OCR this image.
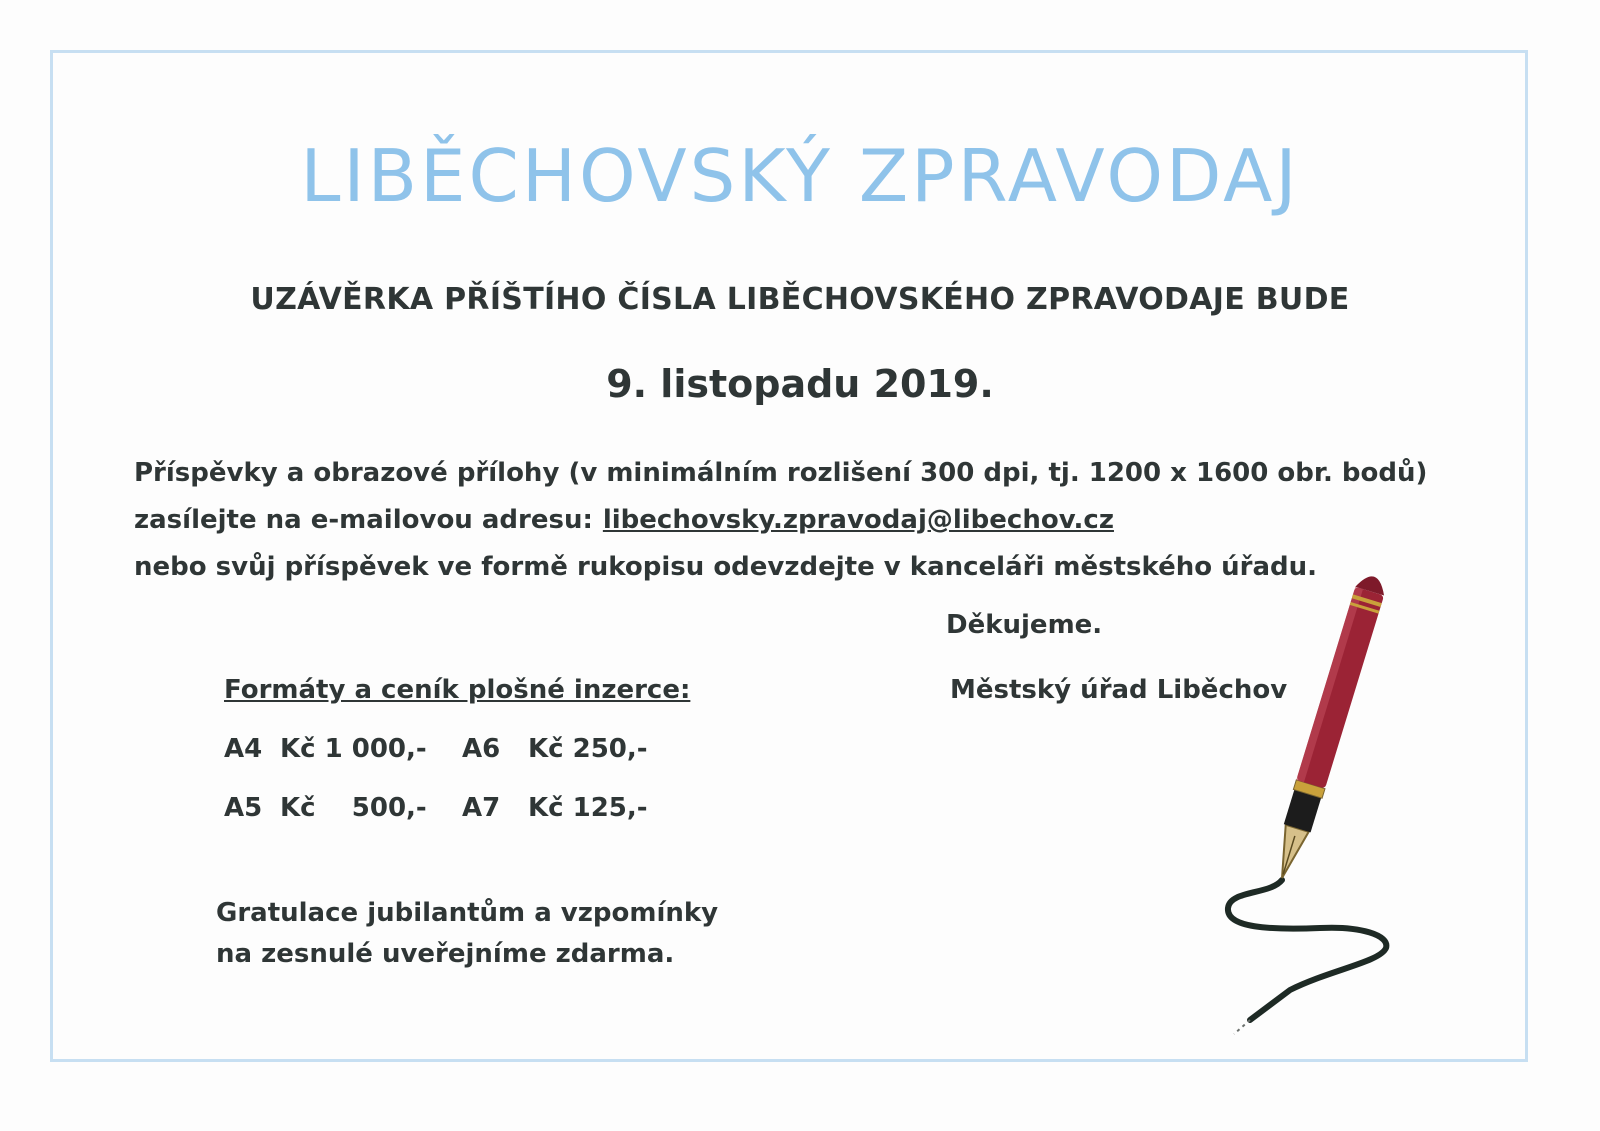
LIBĚCHOVSKÝ ZPRAVODAJ
UZÁVĚRKA PŘÍŠTÍHO ČÍSLA LIBĚCHOVSKÉHO ZPRAVODAJE BUDE
9. listopadu 2019.
Příspěvky a obrazové přílohy (v minimálním rozlišení 300 dpi, tj. 1200 x 1600 obr. bodů)
zasílejte na e-mailovou adresu: libechovsky.zpravodaj@libechov.cz
nebo svůj příspěvek ve formě rukopisu odevzdejte v kanceláři městského úřadu.
Děkujeme.
Městský úřad Liběchov
Formáty a ceník plošné inzerce:
A4 Kč 1 000,- A6 Kč 250,-
A5 Kč    500,- A7 Kč 125,-
Gratulace jubilantům a vzpomínky
na zesnulé uveřejníme zdarma.
